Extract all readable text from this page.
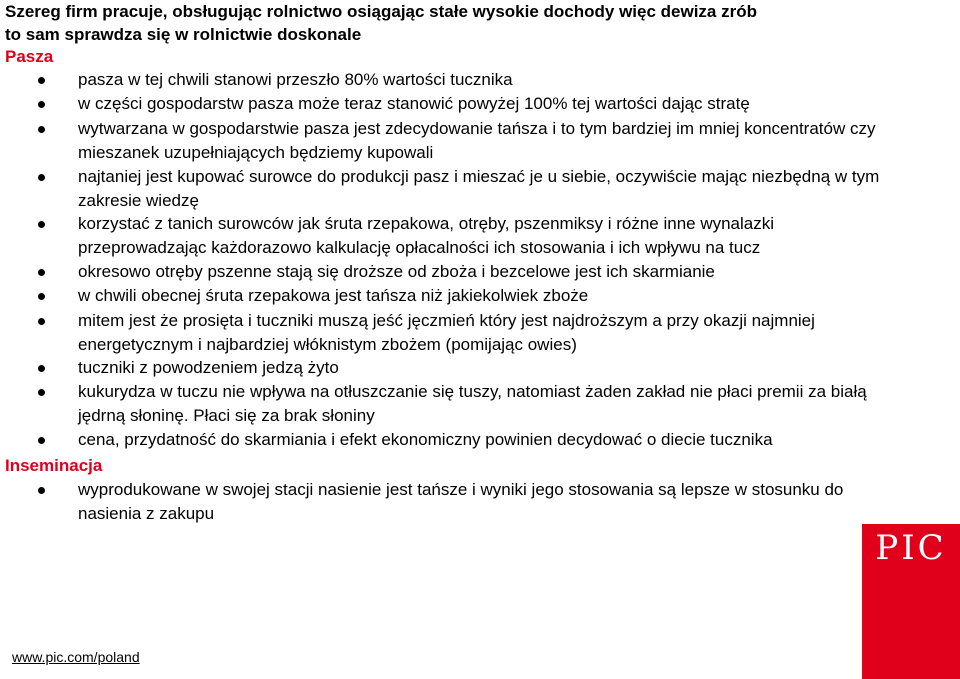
Szereg firm pracuje, obsługując rolnictwo osiągając stałe wysokie dochody więc dewiza zrób
to sam sprawdza się w rolnictwie doskonale
Pasza
pasza w tej chwili stanowi przeszło 80% wartości tucznika
w części gospodarstw pasza może teraz stanowić powyżej 100% tej wartości dając stratę
wytwarzana w gospodarstwie pasza jest zdecydowanie tańsza i to tym bardziej im mniej koncentratów czy mieszanek uzupełniających będziemy kupowali
najtaniej jest kupować surowce do produkcji pasz i mieszać je u siebie, oczywiście mając niezbędną w tym zakresie wiedzę
korzystać z tanich surowców jak śruta rzepakowa, otręby, pszenmiksy i różne inne wynalazki przeprowadzając każdorazowo kalkulację opłacalności ich stosowania i ich wpływu na tucz
okresowo otręby pszenne stają się droższe od zboża i bezcelowe jest ich skarmianie
w chwili obecnej śruta rzepakowa jest tańsza niż jakiekolwiek zboże
mitem jest że prosięta i tuczniki muszą jeść jęczmień który jest najdroższym a przy okazji najmniej energetycznym i najbardziej włóknistym zbożem (pomijając owies)
tuczniki z powodzeniem jedzą żyto
kukurydza w tuczu nie wpływa na otłuszczanie się tuszy, natomiast żaden zakład nie płaci premii za białą jędrną słoninę. Płaci się za brak słoniny
cena, przydatność do skarmiania i efekt ekonomiczny powinien decydować o diecie tucznika
Inseminacja
wyprodukowane w swojej stacji nasienie jest tańsze i wyniki jego stosowania są lepsze w stosunku do nasienia z zakupu
PIC
www.pic.com/poland
